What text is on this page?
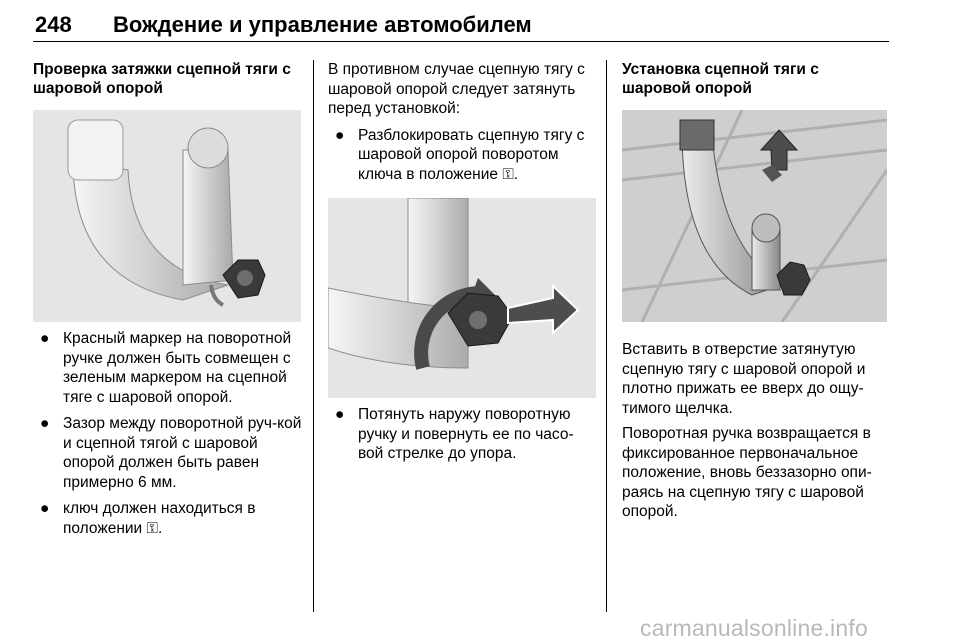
248 Вождение и управление автомобилем
Проверка затяжки сцепной тяги с шаровой опорой
● Красный маркер на поворотной ручке должен быть совмещен с зеленым маркером на сцепной тяге с шаровой опорой.
● Зазор между поворотной руч-кой и сцепной тягой с шаровой опорой должен быть равен примерно 6 мм.
● ключ должен находиться в положении ⚿.
В противном случае сцепную тягу с шаровой опорой следует затянуть перед установкой:
● Разблокировать сцепную тягу с шаровой опорой поворотом ключа в положение ⚿.
● Потянуть наружу поворотную ручку и повернуть ее по часо-вой стрелке до упора.
Установка сцепной тяги с шаровой опорой
Вставить в отверстие затянутую сцепную тягу с шаровой опорой и плотно прижать ее вверх до ощу-тимого щелчка.
Поворотная ручка возвращается в фиксированное первоначальное положение, вновь беззазорно опи-раясь на сцепную тягу с шаровой опорой.
carmanualsonline.info
